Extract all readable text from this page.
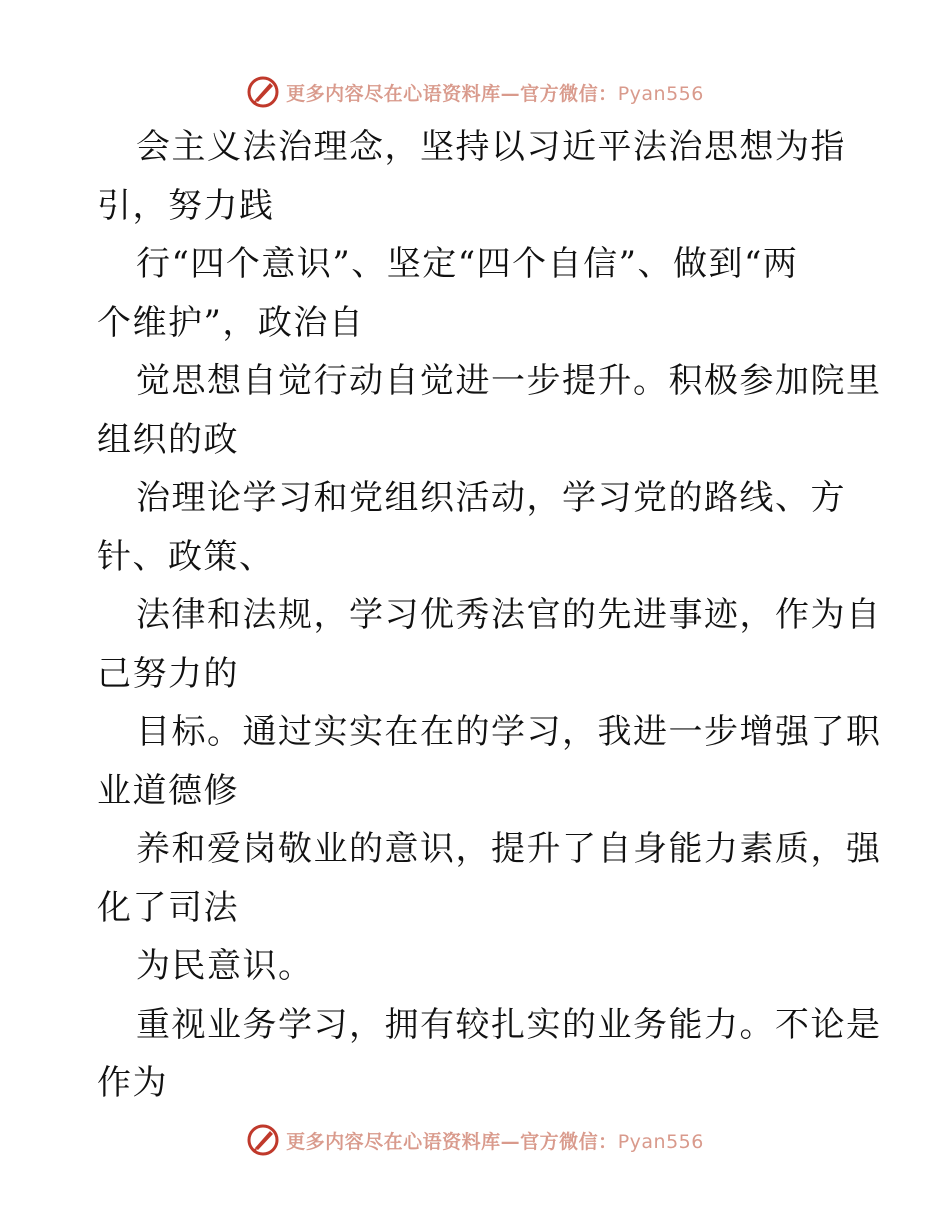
更多内容尽在心语资料库—官方微信：Pyan556
会主义法治理念，坚持以习近平法治思想为指
引，努力践
行“四个意识”、坚定“四个自信”、做到“两
个维护”，政治自
觉思想自觉行动自觉进一步提升。积极参加院里
组织的政
治理论学习和党组织活动，学习党的路线、方
针、政策、
法律和法规，学习优秀法官的先进事迹，作为自
己努力的
目标。通过实实在在的学习，我进一步增强了职
业道德修
养和爱岗敬业的意识，提升了自身能力素质，强
化了司法
为民意识。
重视业务学习，拥有较扎实的业务能力。不论是
作为
更多内容尽在心语资料库—官方微信：Pyan556
